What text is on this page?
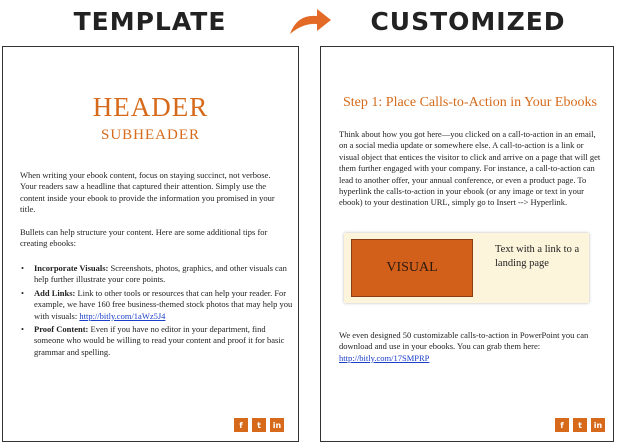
TEMPLATE	CUSTOMIZED
HEADER
SUBHEADER
When writing your ebook content, focus on staying succinct, not verbose. Your readers saw a headline that captured their attention. Simply use the content inside your ebook to provide the information you promised in your title.
Bullets can help structure your content. Here are some additional tips for creating ebooks:
• Incorporate Visuals: Screenshots, photos, graphics, and other visuals can help further illustrate your core points.
• Add Links: Link to other tools or resources that can help your reader. For example, we have 160 free business-themed stock photos that may help you with visuals: http://bitly.com/1aWz5J4
• Proof Content: Even if you have no editor in your department, find someone who would be willing to read your content and proof it for basic grammar and spelling.
f	t	in
Step 1: Place Calls-to-Action in Your Ebooks
Think about how you got here—you clicked on a call-to-action in an email, on a social media update or somewhere else. A call-to-action is a link or visual object that entices the visitor to click and arrive on a page that will get them further engaged with your company. For instance, a call-to-action can lead to another offer, your annual conference, or even a product page. To hyperlink the calls-to-action in your ebook (or any image or text in your ebook) to your destination URL, simply go to Insert --> Hyperlink.
VISUAL
Text with a link to a landing page
We even designed 50 customizable calls-to-action in PowerPoint you can download and use in your ebooks. You can grab them here:
http://bitly.com/17SMPRP
f	t	in
